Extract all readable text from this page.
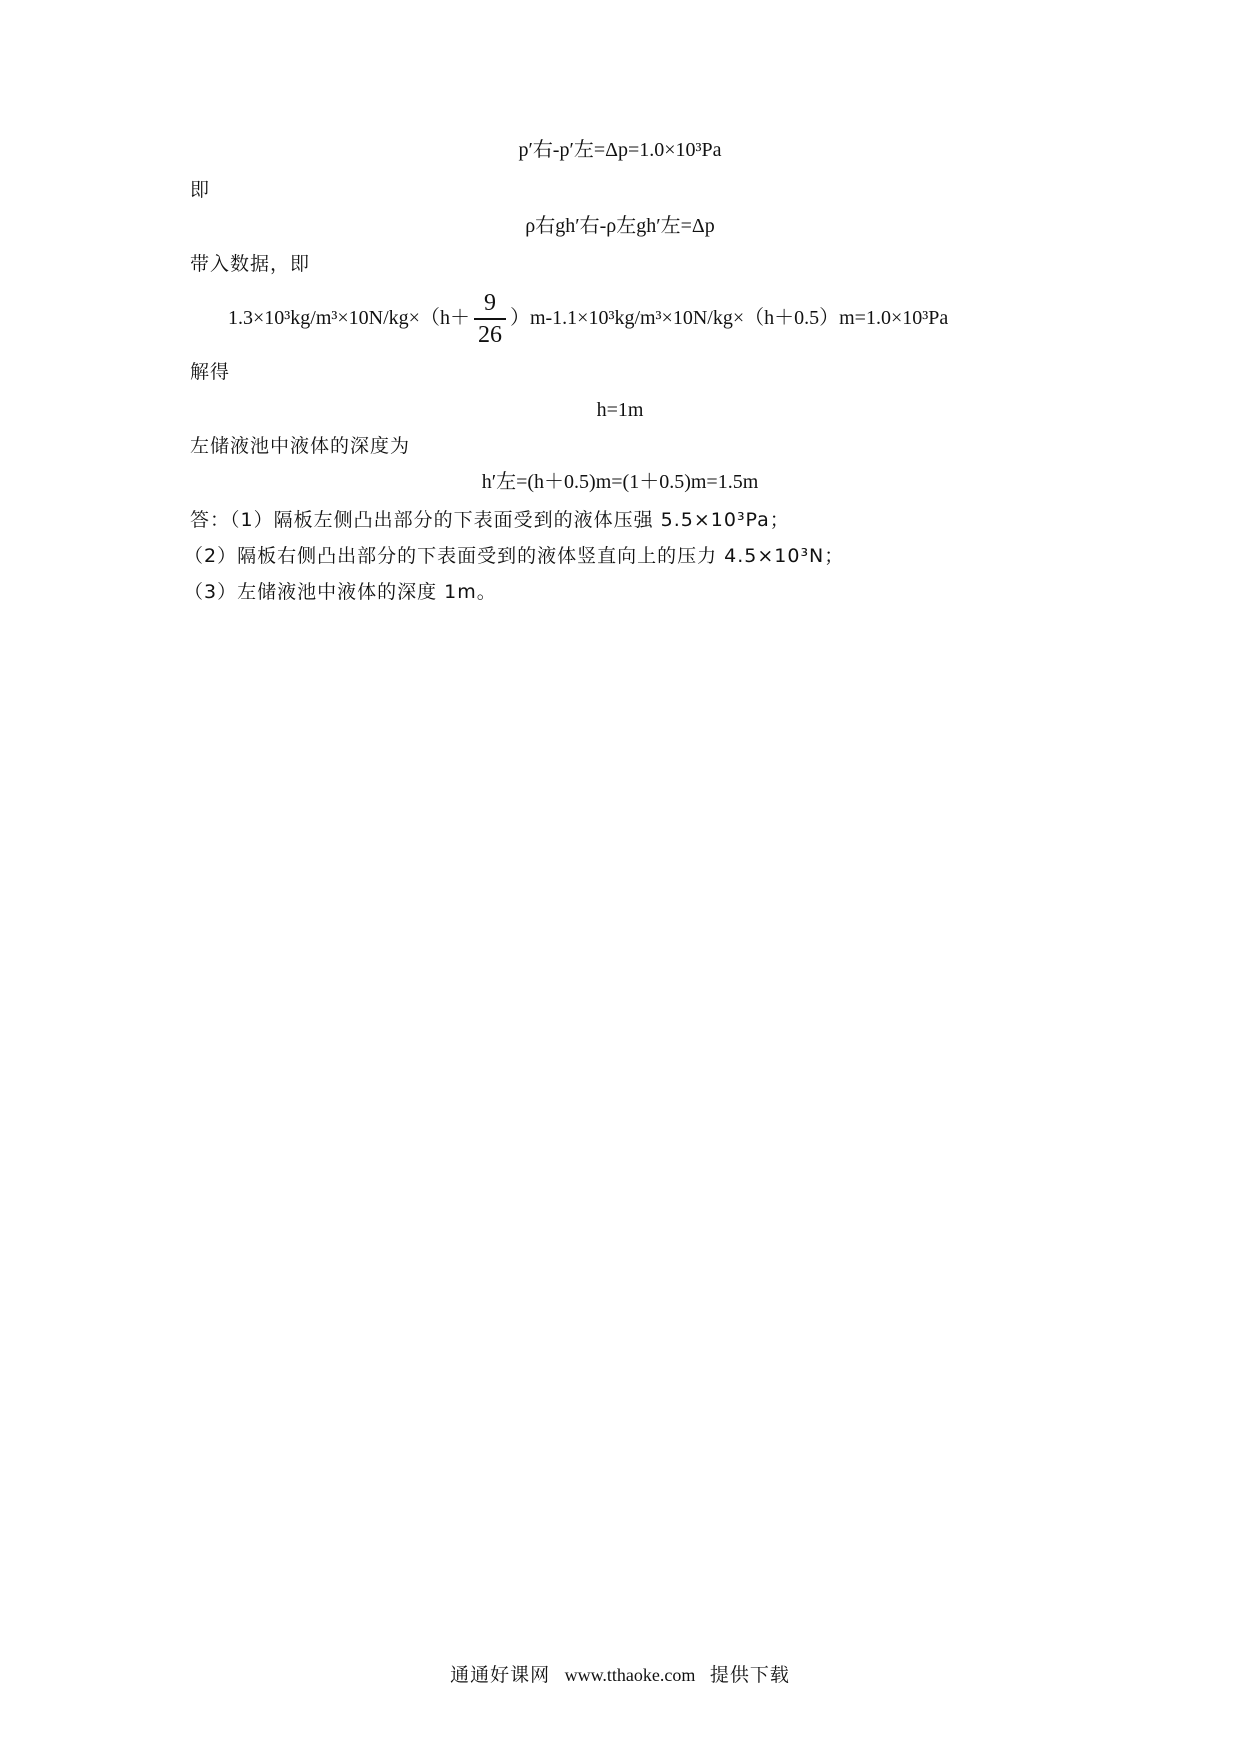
p′右-p′左=Δp=1.0×10³Pa
即
ρ右gh′右-ρ左gh′左=Δp
带入数据，即
$1.3\times 10^3kg/m^3\times 10N/kg\times(h+ \frac{9}{26} )m-1.1\times 10^3kg/m^3\times 10N/kg\times(h+0.5)m=1.0\times 10^3Pa$
解得
h=1m
左储液池中液体的深度为
h′左=(h＋0.5)m=(1＋0.5)m=1.5m
答：（1）隔板左侧凸出部分的下表面受到的液体压强 5.5×10³Pa；
（2）隔板右侧凸出部分的下表面受到的液体竖直向上的压力 4.5×10³N；
（3）左储液池中液体的深度 1m。
通通好课网 www.tthaoke.com 提供下载
